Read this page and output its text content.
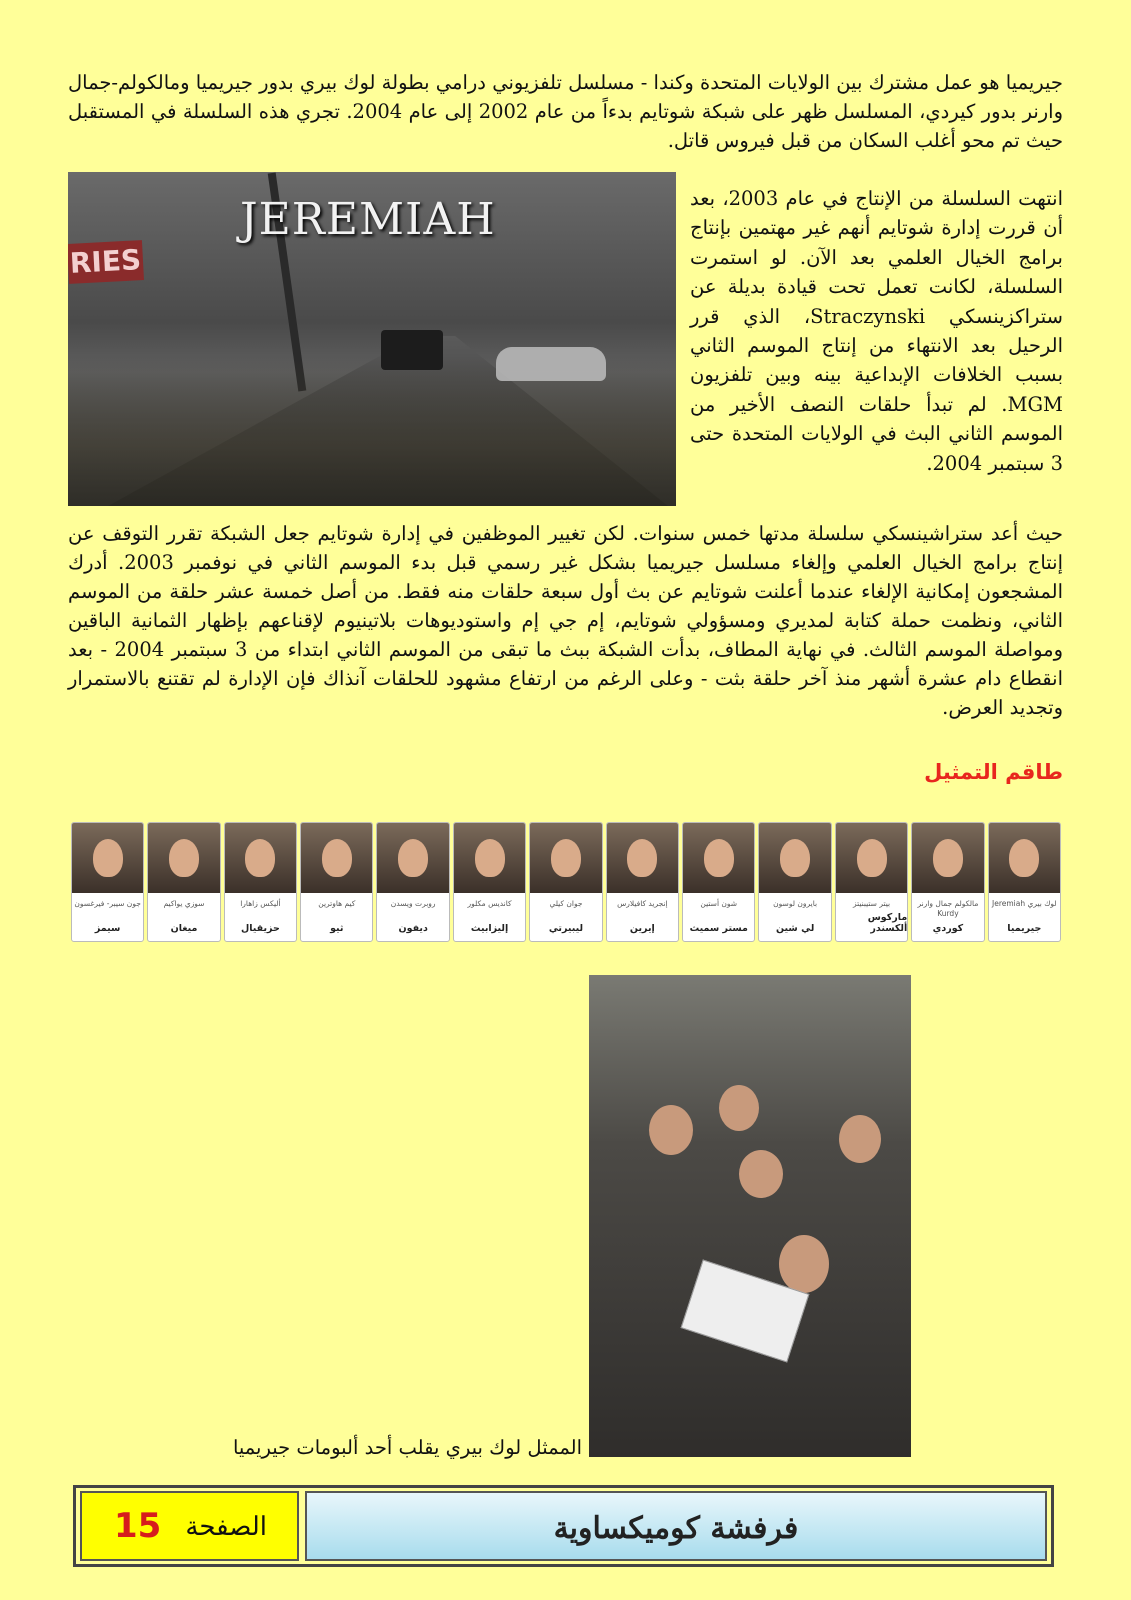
جيريميا هو عمل مشترك بين الولايات المتحدة وكندا - مسلسل تلفزيوني درامي بطولة لوك بيري بدور جيريميا ومالكولم-جمال وارنر بدور كيردي، المسلسل ظهر على شبكة شوتايم بدءاً من عام 2002 إلى عام 2004. تجري هذه السلسلة في المستقبل حيث تم محو أغلب السكان من قبل فيروس قاتل.
RIES
JEREMIAH	انتهت السلسلة من الإنتاج في عام 2003، بعد أن قررت إدارة شوتايم أنهم غير مهتمين بإنتاج برامج الخيال العلمي بعد الآن. لو استمرت السلسلة، لكانت تعمل تحت قيادة بديلة عن ستراكزينسكي Straczynski، الذي قرر الرحيل بعد الانتهاء من إنتاج الموسم الثاني بسبب الخلافات الإبداعية بينه وبين تلفزيون MGM. لم تبدأ حلقات النصف الأخير من الموسم الثاني البث في الولايات المتحدة حتى 3 سبتمبر 2004.
حيث أعد ستراشينسكي سلسلة مدتها خمس سنوات. لكن تغيير الموظفين في إدارة شوتايم جعل الشبكة تقرر التوقف عن إنتاج برامج الخيال العلمي وإلغاء مسلسل جيريميا بشكل غير رسمي قبل بدء الموسم الثاني في نوفمبر 2003. أدرك المشجعون إمكانية الإلغاء عندما أعلنت شوتايم عن بث أول سبعة حلقات منه فقط. من أصل خمسة عشر حلقة من الموسم الثاني، ونظمت حملة كتابة لمديري ومسؤولي شوتايم، إم جي إم واستوديوهات بلاتينيوم لإقناعهم بإظهار الثمانية الباقين ومواصلة الموسم الثالث. في نهاية المطاف، بدأت الشبكة ببث ما تبقى من الموسم الثاني ابتداء من 3 سبتمبر 2004 - بعد انقطاع دام عشرة أشهر منذ آخر حلقة بثت - وعلى الرغم من ارتفاع مشهود للحلقات آنذاك فإن الإدارة لم تقتنع بالاستمرار وتجديد العرض.
طاقم التمثيل
لوك بيري Jeremiah
جيريميا
مالكولم جمال وارنر Kurdy
كوردي
بيتر ستيبنيتز
ماركوس ألكسندر
بايرون لوسون
لي شين
شون أستين
مستر سميث
إنجريد كافيلارس
إيرين
جوان كيلي
ليبيرتي
كانديس مكلور
إليزابيث
روبرت ويسدن
ديفون
كيم هاوترين
ثيو
أليكس زاهارا
حزيقيال
سوزي يواكيم
ميغان
جون سيبر- فيرغسون
سيمز
الممثل لوك بيري يقلب أحد ألبومات جيريميا
فرفشة كوميكساوية
الصفحة
15
